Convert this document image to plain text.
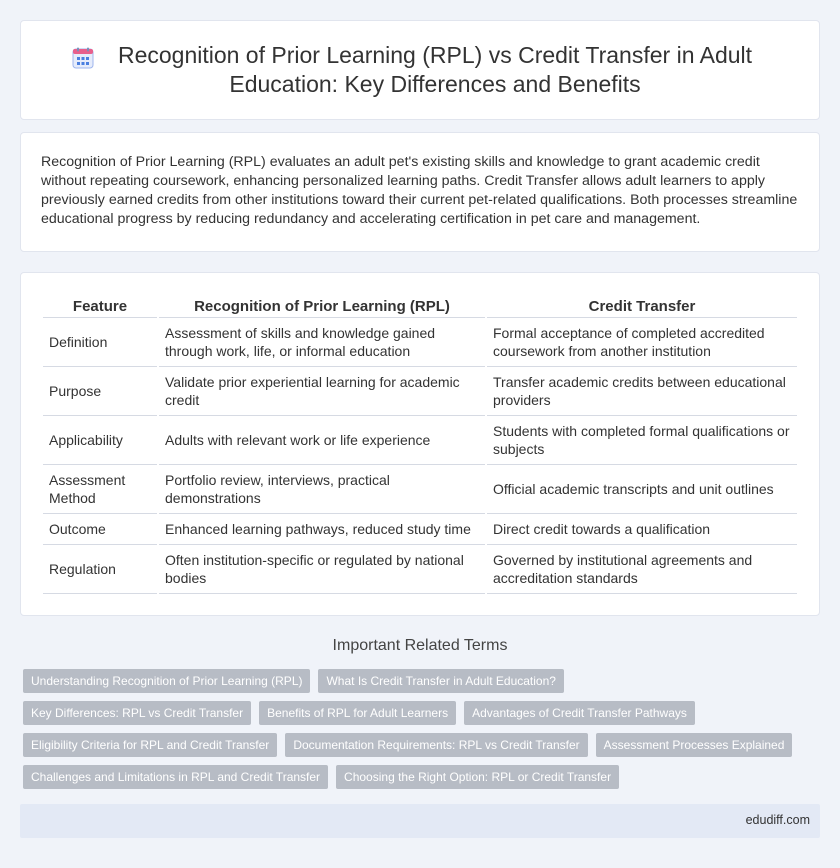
Recognition of Prior Learning (RPL) vs Credit Transfer in Adult Education: Key Differences and Benefits

Recognition of Prior Learning (RPL) evaluates an adult pet's existing skills and knowledge to grant academic credit without repeating coursework, enhancing personalized learning paths. Credit Transfer allows adult learners to apply previously earned credits from other institutions toward their current pet-related qualifications. Both processes streamline educational progress by reducing redundancy and accelerating certification in pet care and management.

Feature	Recognition of Prior Learning (RPL)	Credit Transfer
Definition	Assessment of skills and knowledge gained through work, life, or informal education	Formal acceptance of completed accredited coursework from another institution
Purpose	Validate prior experiential learning for academic credit	Transfer academic credits between educational providers
Applicability	Adults with relevant work or life experience	Students with completed formal qualifications or subjects
Assessment Method	Portfolio review, interviews, practical demonstrations	Official academic transcripts and unit outlines
Outcome	Enhanced learning pathways, reduced study time	Direct credit towards a qualification
Regulation	Often institution-specific or regulated by national bodies	Governed by institutional agreements and accreditation standards
Important Related Terms
Understanding Recognition of Prior Learning (RPL)	What Is Credit Transfer in Adult Education?
Key Differences: RPL vs Credit Transfer	Benefits of RPL for Adult Learners	Advantages of Credit Transfer Pathways
Eligibility Criteria for RPL and Credit Transfer	Documentation Requirements: RPL vs Credit Transfer	Assessment Processes Explained
Challenges and Limitations in RPL and Credit Transfer	Choosing the Right Option: RPL or Credit Transfer
edudiff.com
